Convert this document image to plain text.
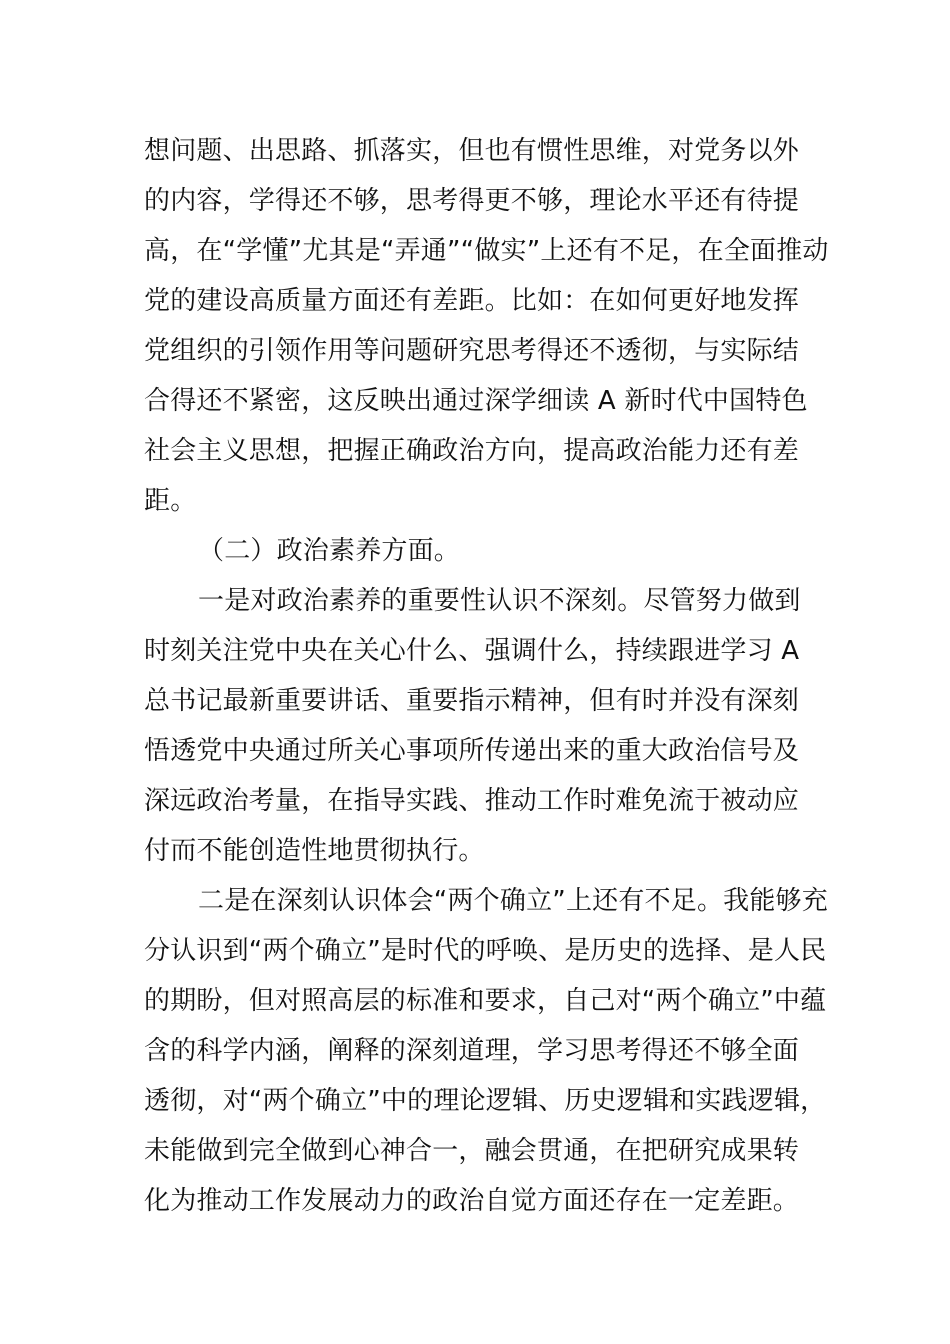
想问题、出思路、抓落实，但也有惯性思维，对党务以外
的内容，学得还不够，思考得更不够，理论水平还有待提
高，在“学懂”尤其是“弄通”“做实”上还有不足，在全面推动
党的建设高质量方面还有差距。比如：在如何更好地发挥
党组织的引领作用等问题研究思考得还不透彻，与实际结
合得还不紧密，这反映出通过深学细读 A 新时代中国特色
社会主义思想，把握正确政治方向，提高政治能力还有差
距。
（二）政治素养方面。
一是对政治素养的重要性认识不深刻。尽管努力做到
时刻关注党中央在关心什么、强调什么，持续跟进学习 A
总书记最新重要讲话、重要指示精神，但有时并没有深刻
悟透党中央通过所关心事项所传递出来的重大政治信号及
深远政治考量，在指导实践、推动工作时难免流于被动应
付而不能创造性地贯彻执行。
二是在深刻认识体会“两个确立”上还有不足。我能够充
分认识到“两个确立”是时代的呼唤、是历史的选择、是人民
的期盼，但对照高层的标准和要求，自己对“两个确立”中蕴
含的科学内涵，阐释的深刻道理，学习思考得还不够全面
透彻，对“两个确立”中的理论逻辑、历史逻辑和实践逻辑，
未能做到完全做到心神合一，融会贯通，在把研究成果转
化为推动工作发展动力的政治自觉方面还存在一定差距。
